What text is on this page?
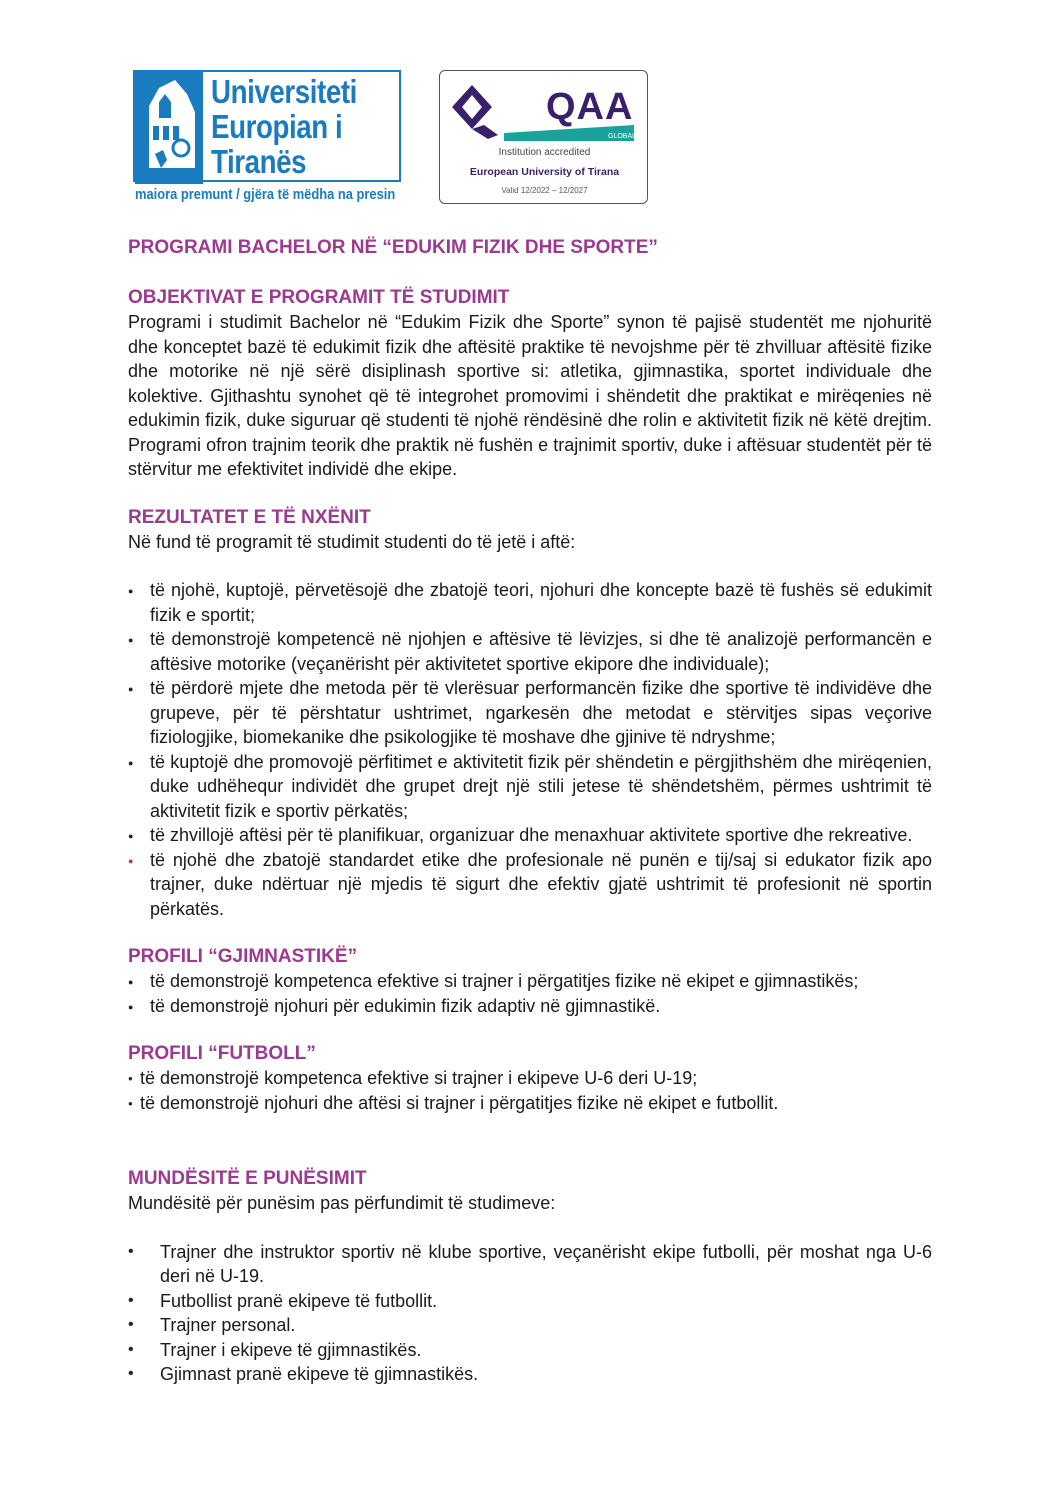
Universiteti
Europian i
Tiranës
maiora premunt / gjëra të mëdha na presin
QAA
GLOBAL
Institution accredited
European University of Tirana
Valid 12/2022 – 12/2027
PROGRAMI BACHELOR NË “EDUKIM FIZIK DHE SPORTE”
OBJEKTIVAT E PROGRAMIT TË STUDIMIT

Programi i studimit Bachelor në “Edukim Fizik dhe Sporte” synon të pajisë studentët me njohuritë dhe konceptet bazë të edukimit fizik dhe aftësitë praktike të nevojshme për të zhvilluar aftësitë fizike dhe motorike në një sërë disiplinash sportive si: atletika, gjimnastika, sportet individuale dhe kolektive. Gjithashtu synohet që të integrohet promovimi i shëndetit dhe praktikat e mirëqenies në edukimin fizik, duke siguruar që studenti të njohë rëndësinë dhe rolin e aktivitetit fizik në këtë drejtim. Programi ofron trajnim teorik dhe praktik në fushën e trajnimit sportiv, duke i aftësuar studentët për të stërvitur me efektivitet individë dhe ekipe.

REZULTATET E TË NXËNIT

Në fund të programit të studimit studenti do të jetë i aftë:

● të njohë, kuptojë, përvetësojë dhe zbatojë teori, njohuri dhe koncepte bazë të fushës së edukimit fizik e sportit;
● të demonstrojë kompetencë në njohjen e aftësive të lëvizjes, si dhe të analizojë performancën e aftësive motorike (veçanërisht për aktivitetet sportive ekipore dhe individuale);
● të përdorë mjete dhe metoda për të vlerësuar performancën fizike dhe sportive të individëve dhe grupeve, për të përshtatur ushtrimet, ngarkesën dhe metodat e stërvitjes sipas veçorive fiziologjike, biomekanike dhe psikologjike të moshave dhe gjinive të ndryshme;
● të kuptojë dhe promovojë përfitimet e aktivitetit fizik për shëndetin e përgjithshëm dhe mirëqenien, duke udhëhequr individët dhe grupet drejt një stili jetese të shëndetshëm, përmes ushtrimit të aktivitetit fizik e sportiv përkatës;
● të zhvillojë aftësi për të planifikuar, organizuar dhe menaxhuar aktivitete sportive dhe rekreative.
● të njohë dhe zbatojë standardet etike dhe profesionale në punën e tij/saj si edukator fizik apo trajner, duke ndërtuar një mjedis të sigurt dhe efektiv gjatë ushtrimit të profesionit në sportin përkatës.
PROFILI “GJIMNASTIKË”
● të demonstrojë kompetenca efektive si trajner i përgatitjes fizike në ekipet e gjimnastikës;
● të demonstrojë njohuri për edukimin fizik adaptiv në gjimnastikë.
PROFILI “FUTBOLL”
● të demonstrojë kompetenca efektive si trajner i ekipeve U-6 deri U-19;
● të demonstrojë njohuri dhe aftësi si trajner i përgatitjes fizike në ekipet e futbollit.
MUNDËSITË E PUNËSIMIT

Mundësitë për punësim pas përfundimit të studimeve:

• Trajner dhe instruktor sportiv në klube sportive, veçanërisht ekipe futbolli, për moshat nga U-6 deri në U-19.
• Futbollist pranë ekipeve të futbollit.
• Trajner personal.
• Trajner i ekipeve të gjimnastikës.
• Gjimnast pranë ekipeve të gjimnastikës.
